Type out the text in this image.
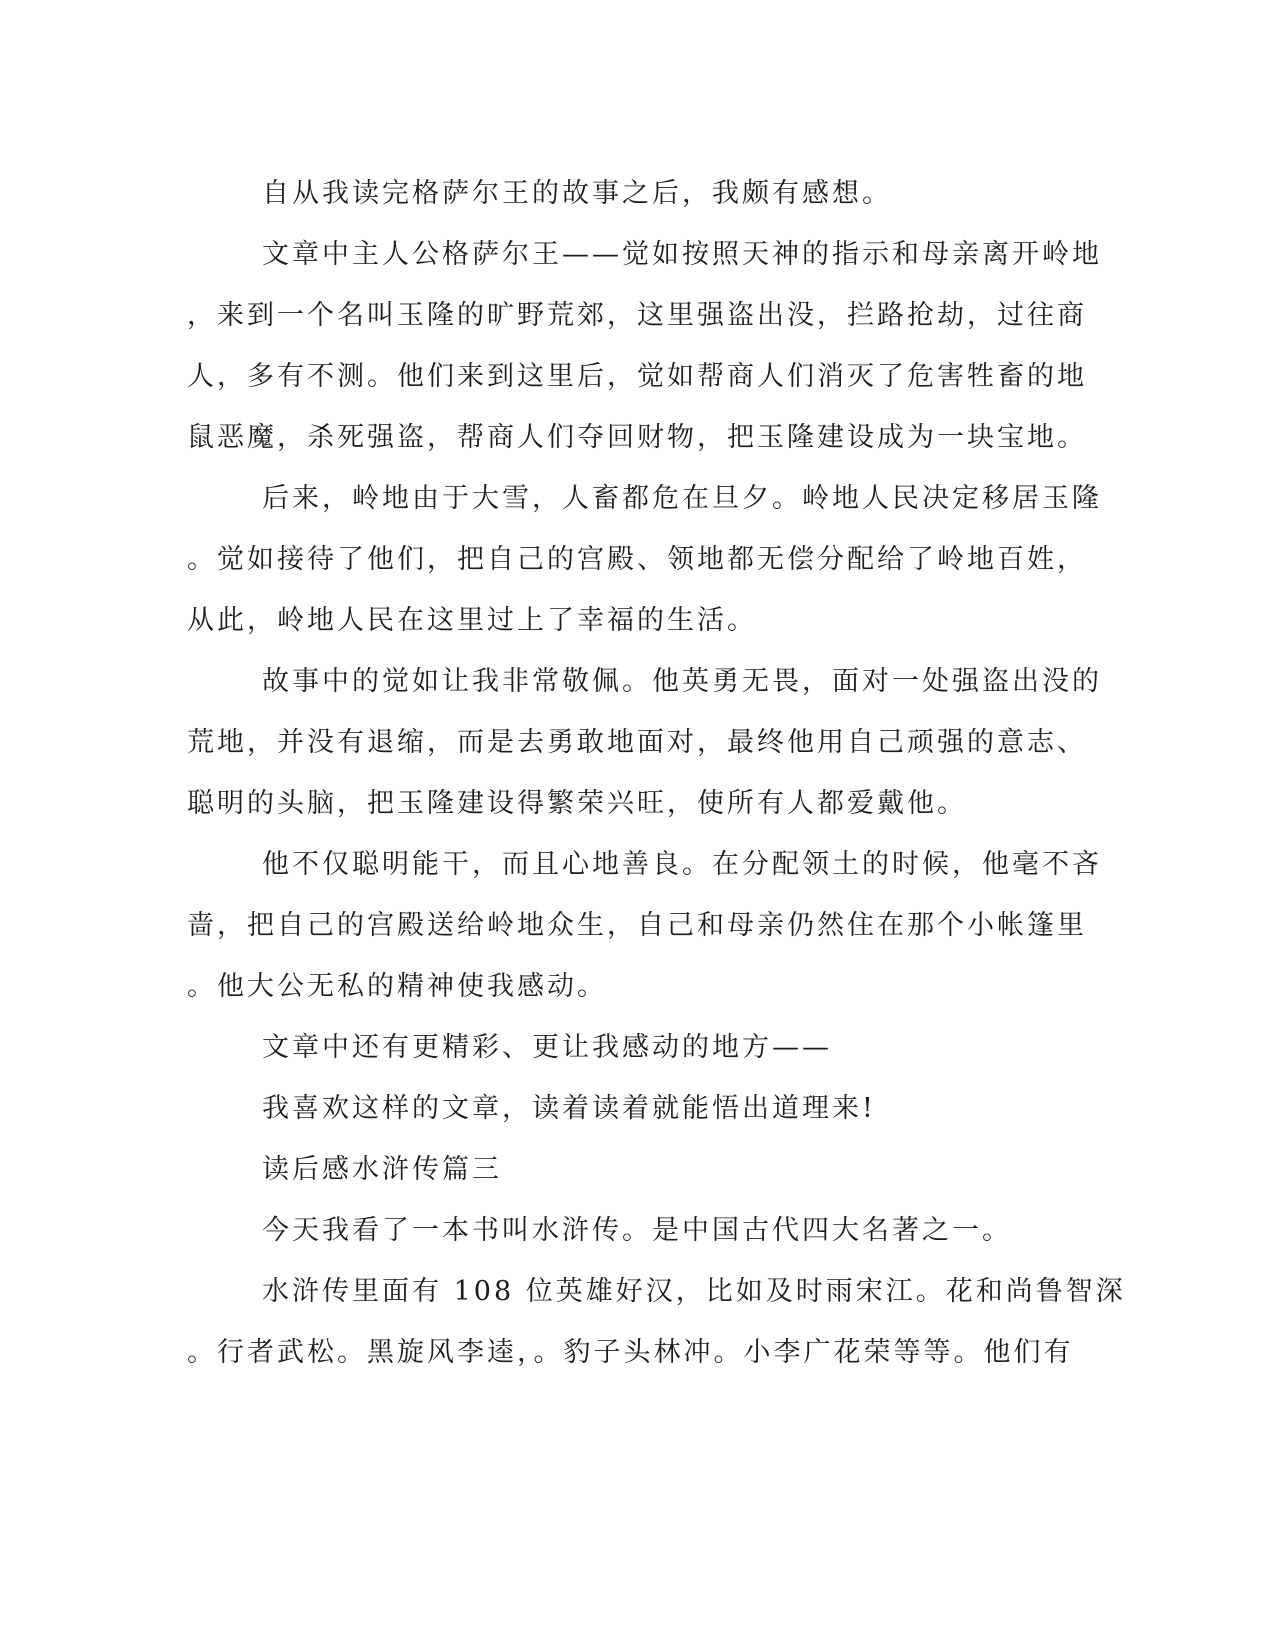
自从我读完格萨尔王的故事之后，我颇有感想。
文章中主人公格萨尔王——觉如按照天神的指示和母亲离开岭地
，来到一个名叫玉隆的旷野荒郊，这里强盗出没，拦路抢劫，过往商
人，多有不测。他们来到这里后，觉如帮商人们消灭了危害牲畜的地
鼠恶魔，杀死强盗，帮商人们夺回财物，把玉隆建设成为一块宝地。
后来，岭地由于大雪，人畜都危在旦夕。岭地人民决定移居玉隆
。觉如接待了他们，把自己的宫殿、领地都无偿分配给了岭地百姓，
从此，岭地人民在这里过上了幸福的生活。
故事中的觉如让我非常敬佩。他英勇无畏，面对一处强盗出没的
荒地，并没有退缩，而是去勇敢地面对，最终他用自己顽强的意志、
聪明的头脑，把玉隆建设得繁荣兴旺，使所有人都爱戴他。
他不仅聪明能干，而且心地善良。在分配领土的时候，他毫不吝
啬，把自己的宫殿送给岭地众生，自己和母亲仍然住在那个小帐篷里
。他大公无私的精神使我感动。
文章中还有更精彩、更让我感动的地方——
我喜欢这样的文章，读着读着就能悟出道理来!
读后感水浒传篇三
今天我看了一本书叫水浒传。是中国古代四大名著之一。
水浒传里面有 108 位英雄好汉，比如及时雨宋江。花和尚鲁智深
。行者武松。黑旋风李逵，。豹子头林冲。小李广花荣等等。他们有
